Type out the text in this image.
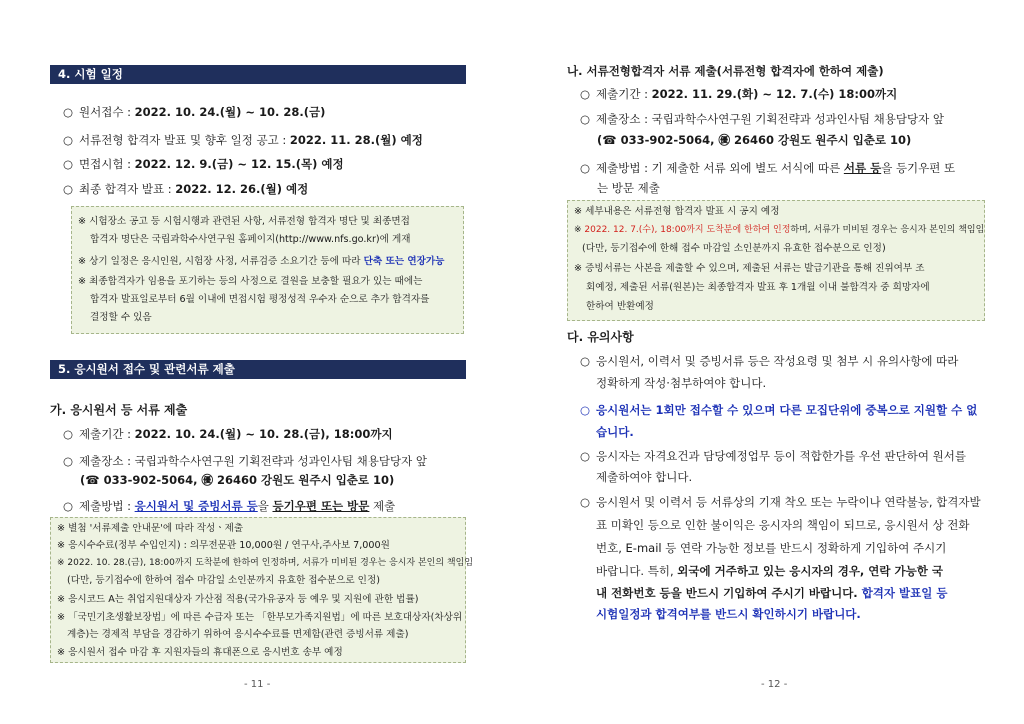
4. 시험 일정
○ 원서접수 : 2022. 10. 24.(월) ~ 10. 28.(금)
○ 서류전형 합격자 발표 및 향후 일정 공고 : 2022. 11. 28.(월) 예정
○ 면접시험 : 2022. 12. 9.(금) ~ 12. 15.(목) 예정
○ 최종 합격자 발표 : 2022. 12. 26.(월) 예정
※ 시험장소 공고 등 시험시행과 관련된 사항, 서류전형 합격자 명단 및 최종면접
합격자 명단은 국립과학수사연구원 홈페이지(http://www.nfs.go.kr)에 게재
※ 상기 일정은 응시인원, 시험장 사정, 서류검증 소요기간 등에 따라 단축 또는 연장가능
※ 최종합격자가 임용을 포기하는 등의 사정으로 결원을 보충할 필요가 있는 때에는
합격자 발표일로부터 6월 이내에 면접시험 평정성적 우수자 순으로 추가 합격자를
결정할 수 있음
5. 응시원서 접수 및 관련서류 제출
가. 응시원서 등 서류 제출
○ 제출기간 : 2022. 10. 24.(월) ~ 10. 28.(금), 18:00까지
○ 제출장소 : 국립과학수사연구원 기획전략과 성과인사팀 채용담당자 앞
(☎ 033-902-5064, ㊝ 26460 강원도 원주시 입춘로 10)
○ 제출방법 : 응시원서 및 증빙서류 등을 등기우편 또는 방문 제출
※ 별첨 '서류제출 안내문'에 따라 작성ㆍ제출
※ 응시수수료(정부 수입인지) : 의무전문관 10,000원 / 연구사,주사보 7,000원
※ 2022. 10. 28.(금), 18:00까지 도착분에 한하여 인정하며, 서류가 미비된 경우는 응시자 본인의 책임임
(다만, 등기접수에 한하여 접수 마감일 소인분까지 유효한 접수분으로 인정)
※ 응시코드 A는 취업지원대상자 가산점 적용(국가유공자 등 예우 및 지원에 관한 법률)
※ 「국민기초생활보장법」에 따른 수급자 또는 「한부모가족지원법」에 따른 보호대상자(차상위
계층)는 경제적 부담을 경감하기 위하여 응시수수료를 면제함(관련 증빙서류 제출)
※ 응시원서 접수 마감 후 지원자들의 휴대폰으로 응시번호 송부 예정
- 11 -
나. 서류전형합격자 서류 제출(서류전형 합격자에 한하여 제출)
○ 제출기간 : 2022. 11. 29.(화) ~ 12. 7.(수) 18:00까지
○ 제출장소 : 국립과학수사연구원 기획전략과 성과인사팀 채용담당자 앞
(☎ 033-902-5064, ㊝ 26460 강원도 원주시 입춘로 10)
○ 제출방법 : 기 제출한 서류 외에 별도 서식에 따른 서류 등을 등기우편 또
는 방문 제출
※ 세부내용은 서류전형 합격자 발표 시 공지 예정
※ 2022. 12. 7.(수), 18:00까지 도착분에 한하여 인정하며, 서류가 미비된 경우는 응시자 본인의 책임임
(다만, 등기접수에 한해 접수 마감일 소인분까지 유효한 접수분으로 인정)
※ 증빙서류는 사본을 제출할 수 있으며, 제출된 서류는 발급기관을 통해 진위여부 조
회예정, 제출된 서류(원본)는 최종합격자 발표 후 1개월 이내 불합격자 중 희망자에
한하여 반환예정
다. 유의사항
○ 응시원서, 이력서 및 증빙서류 등은 작성요령 및 첨부 시 유의사항에 따라
정확하게 작성·첨부하여야 합니다.
○ 응시원서는 1회만 접수할 수 있으며 다른 모집단위에 중복으로 지원할 수 없
습니다.
○ 응시자는 자격요건과 담당예정업무 등이 적합한가를 우선 판단하여 원서를
제출하여야 합니다.
○ 응시원서 및 이력서 등 서류상의 기재 착오 또는 누락이나 연락불능, 합격자발
표 미확인 등으로 인한 불이익은 응시자의 책임이 되므로, 응시원서 상 전화
번호, E-mail 등 연락 가능한 정보를 반드시 정확하게 기입하여 주시기
바랍니다. 특히, 외국에 거주하고 있는 응시자의 경우, 연락 가능한 국
내 전화번호 등을 반드시 기입하여 주시기 바랍니다. 합격자 발표일 등
시험일정과 합격여부를 반드시 확인하시기 바랍니다.
- 12 -
